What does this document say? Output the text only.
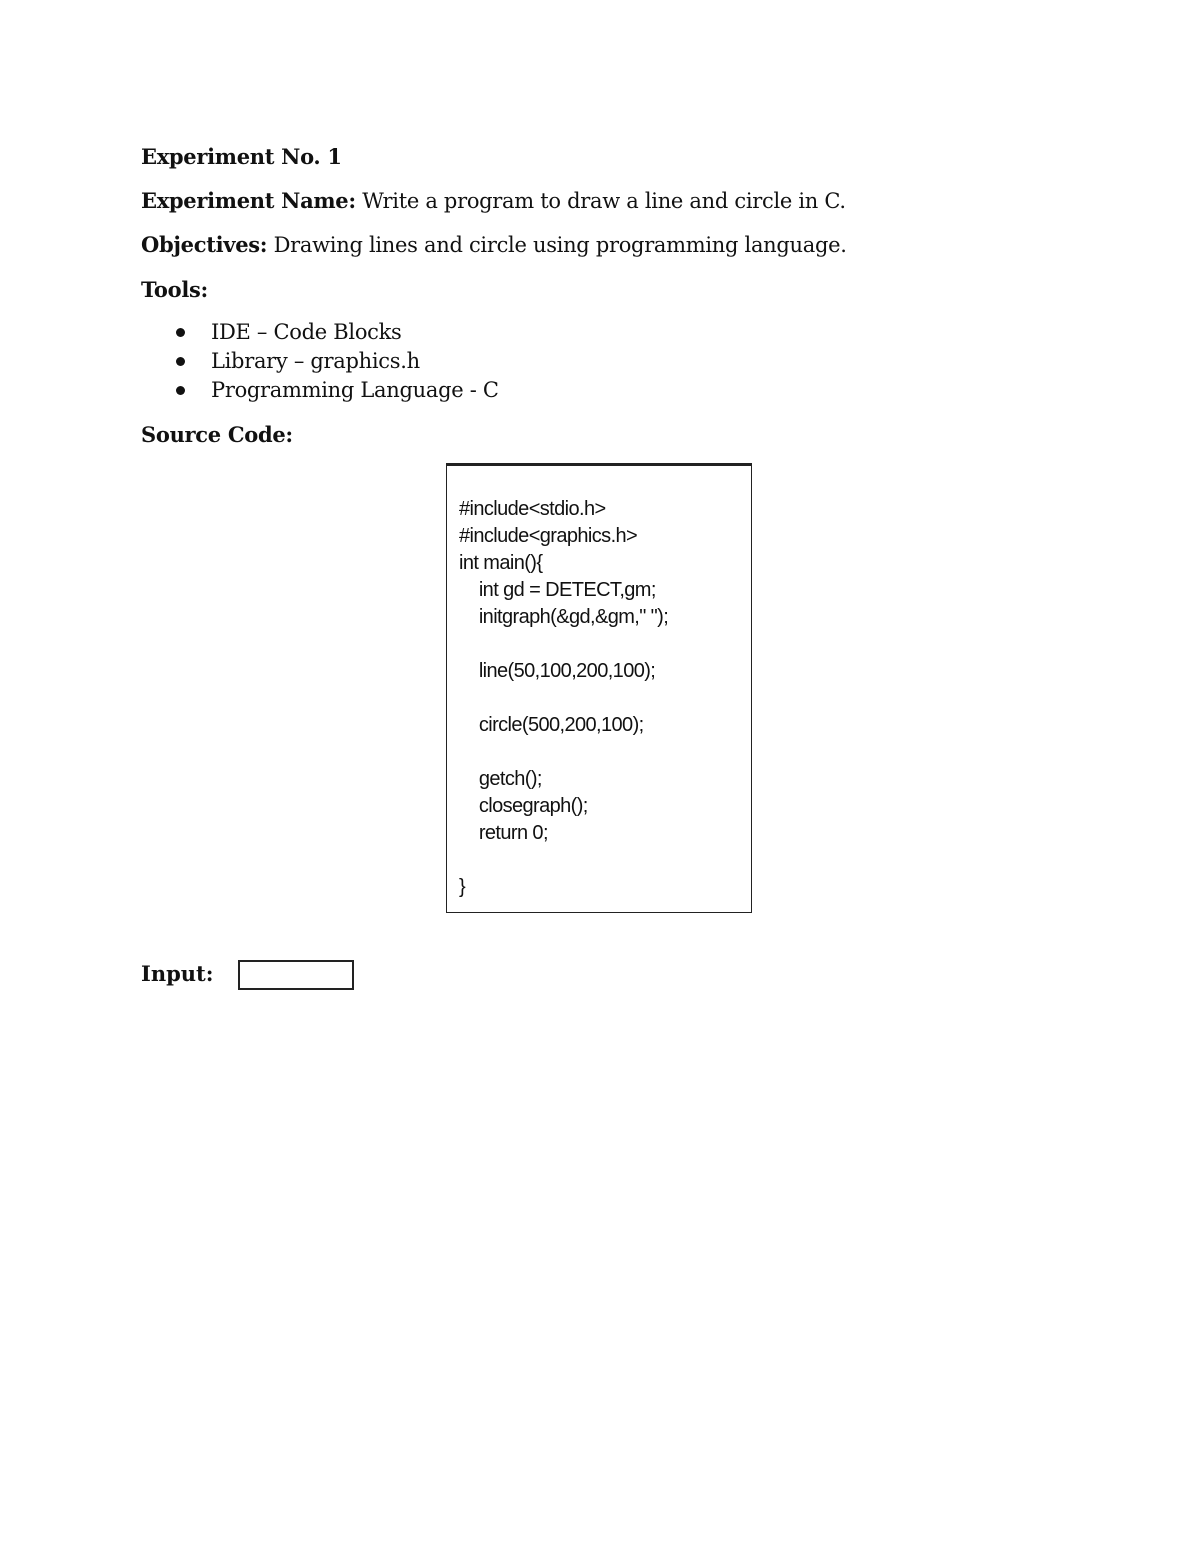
Experiment No. 1
Experiment Name: Write a program to draw a line and circle in C.
Objectives: Drawing lines and circle using programming language.
Tools:
IDE – Code Blocks
Library – graphics.h
Programming Language - C
Source Code:
#include<stdio.h>
#include<graphics.h>
int main(){
int gd = DETECT,gm;
initgraph(&gd,&gm," ");

line(50,100,200,100);

circle(500,200,100);

getch();
closegraph();
return 0;

}
Input:
